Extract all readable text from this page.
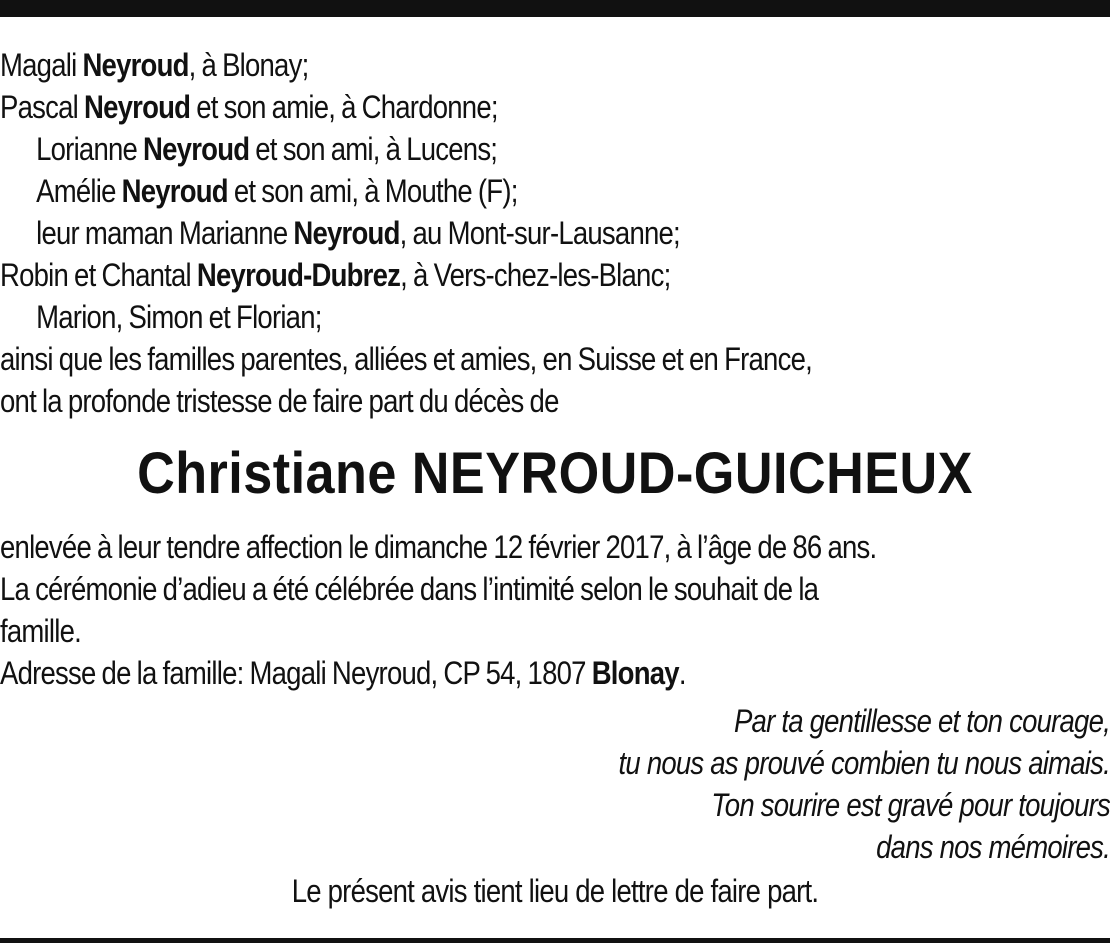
Magali Neyroud, à Blonay;
Pascal Neyroud et son amie, à Chardonne;
Lorianne Neyroud et son ami, à Lucens;
Amélie Neyroud et son ami, à Mouthe (F);
leur maman Marianne Neyroud, au Mont-sur-Lausanne;
Robin et Chantal Neyroud-Dubrez, à Vers-chez-les-Blanc;
Marion, Simon et Florian;
ainsi que les familles parentes, alliées et amies, en Suisse et en France,
ont la profonde tristesse de faire part du décès de
Christiane NEYROUD-GUICHEUX
enlevée à leur tendre affection le dimanche 12 février 2017, à l’âge de 86 ans.
La cérémonie d’adieu a été célébrée dans l’intimité selon le souhait de la
famille.
Adresse de la famille: Magali Neyroud, CP 54, 1807 Blonay.
Par ta gentillesse et ton courage,
tu nous as prouvé combien tu nous aimais.
Ton sourire est gravé pour toujours
dans nos mémoires.
Le présent avis tient lieu de lettre de faire part.
